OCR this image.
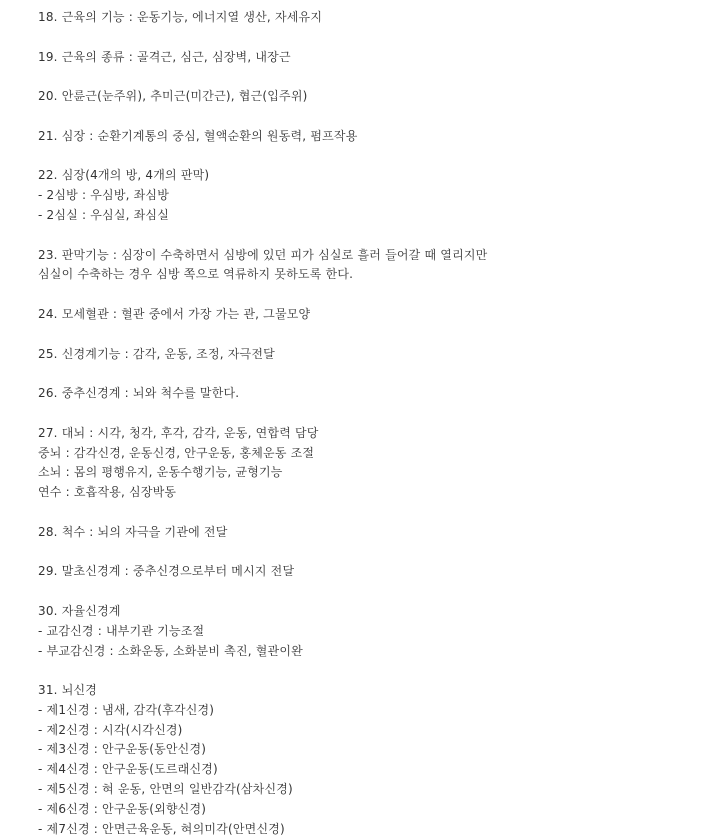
18. 근육의 기능 : 운동기능, 에너지열 생산, 자세유지
19. 근육의 종류 : 골격근, 심근, 심장벽, 내장근
20. 안륜근(눈주위), 추미근(미간근), 협근(입주위)
21. 심장 : 순환기계통의 중심, 혈액순환의 원동력, 펌프작용
22. 심장(4개의 방, 4개의 판막)
- 2심방 : 우심방, 좌심방
- 2심실 : 우심실, 좌심실
23. 판막기능 : 심장이 수축하면서 심방에 있던 피가 심실로 흘러 들어갈 때 열리지만
심실이 수축하는 경우 심방 쪽으로 역류하지 못하도록 한다.
24. 모세혈관 : 혈관 중에서 가장 가는 관, 그물모양
25. 신경계기능 : 감각, 운동, 조정, 자극전달
26. 중추신경계 : 뇌와 척수를 말한다.
27. 대뇌 : 시각, 청각, 후각, 감각, 운동, 연합력 담당
중뇌 : 감각신경, 운동신경, 안구운동, 홍체운동 조절
소뇌 : 몸의 평행유지, 운동수행기능, 균형기능
연수 : 호흡작용, 심장박동
28. 척수 : 뇌의 자극을 기관에 전달
29. 말초신경계 : 중추신경으로부터 메시지 전달
30. 자율신경계
- 교감신경 : 내부기관 기능조절
- 부교감신경 : 소화운동, 소화분비 촉진, 혈관이완
31. 뇌신경
- 제1신경 : 냄새, 감각(후각신경)
- 제2신경 : 시각(시각신경)
- 제3신경 : 안구운동(동안신경)
- 제4신경 : 안구운동(도르래신경)
- 제5신경 : 혀 운동, 안면의 일반감각(삼차신경)
- 제6신경 : 안구운동(외향신경)
- 제7신경 : 안면근육운동, 혀의미각(안면신경)
